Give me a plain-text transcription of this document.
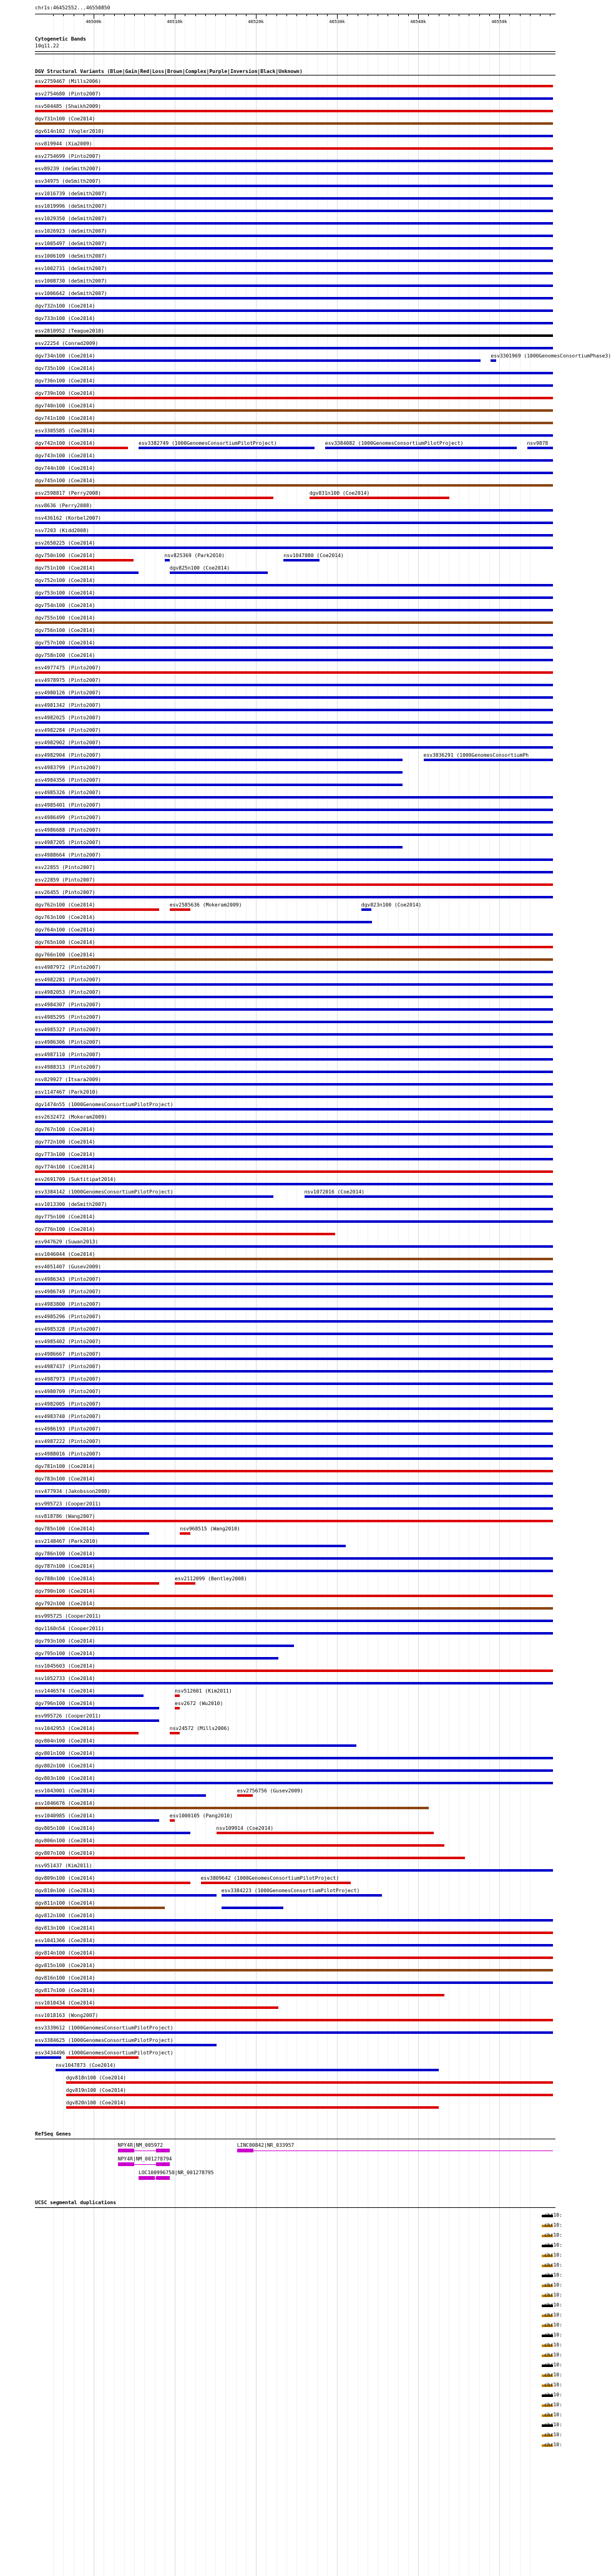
chr1s:46452552...46550850
46500k	46510k	46520k	46530k	46540k	46550k
Cytogenetic Bands
10q11.22
DGV Structural Variants (Blue|Gain|Red|Loss|Brown|Complex|Purple|Inversion|Black|Unknown)
esv2759467 (Mills2006)
esv2754680 (Pinto2007)
nsv504485 (Shaikh2009)
dgv731n100 (Coe2014)
dgv614n102 (Vogler2010)
nsv819944 (Xia2009)
esv2754699 (Pinto2007)
esv89239 (deSmith2007)
esv34975 (deSmith2007)
esv1016739 (deSmith2007)
esv1019996 (deSmith2007)
esv1029350 (deSmith2007)
esv1026923 (deSmith2007)
esv1005497 (deSmith2007)
esv1006109 (deSmith2007)
esv1002731 (deSmith2007)
esv1008730 (deSmith2007)
esv1006642 (deSmith2007)
dgv732n100 (Coe2014)
dgv733n100 (Coe2014)
esv2810952 (Teague2010)
esv22254 (Conrad2009)
dgv734n100 (Coe2014)	esv3301969 (1000GenomesConsortiumPhase3)
dgv735n100 (Coe2014)
dgv736n100 (Coe2014)
dgv739n100 (Coe2014)
dgv740n100 (Coe2014)
dgv741n100 (Coe2014)
esv3305585 (Coe2014)
dgv742n100 (Coe2014)	esv3382749 (1000GenomesConsortiumPilotProject)	esv3384082 (1000GenomesConsortiumPilotProject)	nsv9878
dgv743n100 (Coe2014)
dgv744n100 (Coe2014)
dgv745n100 (Coe2014)
esv2598817 (Perry2008)	dgv831n100 (Coe2014)
nsv8636 (Perry2008)
nsv436162 (Korbel2007)
nsv7203 (Kidd2008)
esv2650225 (Coe2014)
dgv750n100 (Coe2014)	nsv825369 (Park2010)	nsv1047080 (Coe2014)
dgv751n100 (Coe2014)	dgv825n100 (Coe2014)
dgv752n100 (Coe2014)
dgv753n100 (Coe2014)
dgv754n100 (Coe2014)
dgv755n100 (Coe2014)
dgv756n100 (Coe2014)
dgv757n100 (Coe2014)
dgv758n100 (Coe2014)
esv4977475 (Pinto2007)
esv4978975 (Pinto2007)
esv4980126 (Pinto2007)
esv4981342 (Pinto2007)
esv4982025 (Pinto2007)
esv4982284 (Pinto2007)
esv4982902 (Pinto2007)
esv4982904 (Pinto2007)	esv3836291 (1000GenomesConsortiumPh
esv4983799 (Pinto2007)
esv4984356 (Pinto2007)
esv4985326 (Pinto2007)
esv4985401 (Pinto2007)
esv4986499 (Pinto2007)
esv4986688 (Pinto2007)
esv4987205 (Pinto2007)
esv4988664 (Pinto2007)
esv22855 (Pinto2007)
esv22859 (Pinto2007)
esv26455 (Pinto2007)
dgv762n100 (Coe2014)	esv2585636 (Mokeram2009)	dgv823n100 (Coe2014)
dgv763n100 (Coe2014)
dgv764n100 (Coe2014)
dgv765n100 (Coe2014)
dgv766n100 (Coe2014)
esv4987972 (Pinto2007)
esv4982281 (Pinto2007)
esv4982053 (Pinto2007)
esv4984307 (Pinto2007)
esv4985295 (Pinto2007)
esv4985327 (Pinto2007)
esv4986306 (Pinto2007)
esv4987110 (Pinto2007)
esv4988313 (Pinto2007)
nsv829927 (Itsara2009)
esv1147467 (Park2010)
dgv1474n55 (1000GenomesConsortiumPilotProject)
esv2632472 (Mokeram2009)
dgv767n100 (Coe2014)
dgv772n100 (Coe2014)
dgv773n100 (Coe2014)
dgv774n100 (Coe2014)
esv2691709 (Suktitipat2014)
esv3384142 (1000GenomesConsortiumPilotProject)	nsv1072016 (Coe2014)
esv1013300 (deSmith2007)
dgv775n100 (Coe2014)
dgv776n100 (Coe2014)
esv947629 (Suwan2013)
esv1046044 (Coe2014)
esv4051407 (Gusev2009)
esv4986343 (Pinto2007)
esv4986749 (Pinto2007)
esv4983800 (Pinto2007)
esv4985296 (Pinto2007)
esv4985328 (Pinto2007)
esv4985402 (Pinto2007)
esv4986667 (Pinto2007)
esv4987437 (Pinto2007)
esv4987973 (Pinto2007)
esv4980709 (Pinto2007)
esv4982005 (Pinto2007)
esv4983740 (Pinto2007)
esv4986193 (Pinto2007)
esv4987222 (Pinto2007)
esv4988016 (Pinto2007)
dgv781n100 (Coe2014)
dgv783n100 (Coe2014)
nsv477934 (Jakobsson2008)
esv995723 (Cooper2011)
nsv818786 (Wang2007)
dgv785n100 (Coe2014)	nsv968515 (Wang2010)
esv2148467 (Park2010)
dgv786n100 (Coe2014)
dgv787n100 (Coe2014)
dgv788n100 (Coe2014)	esv2112099 (Bentley2008)
dgv790n100 (Coe2014)
dgv792n100 (Coe2014)
esv995725 (Cooper2011)
dgv1160n54 (Cooper2011)
dgv793n100 (Coe2014)
dgv795n100 (Coe2014)
nsv1045603 (Coe2014)
nsv1052733 (Coe2014)
nsv1446574 (Coe2014)	nsv512601 (Kim2011)
dgv796n100 (Coe2014)	esv2672 (Wu2010)
esv995726 (Cooper2011)
nsv1042953 (Coe2014)	nsv24572 (Mills2006)
dgv804n100 (Coe2014)
dgv801n100 (Coe2014)
dgv802n100 (Coe2014)
dgv803n100 (Coe2014)
esv1043001 (Coe2014)	esv2756756 (Gusev2009)
esv1046676 (Coe2014)
esv1040985 (Coe2014)	esv1000105 (Pang2010)
dgv805n100 (Coe2014)	nsv109914 (Coe2014)
dgv806n100 (Coe2014)
dgv807n100 (Coe2014)
nsv951437 (Kim2011)
dgv809n100 (Coe2014)	esv3809642 (1000GenomesConsortiumPilotProject)
dgv810n100 (Coe2014)	esv3384223 (1000GenomesConsortiumPilotProject)
dgv811n100 (Coe2014)
dgv812n100 (Coe2014)
dgv813n100 (Coe2014)
esv1041366 (Coe2014)
dgv814n100 (Coe2014)
dgv815n100 (Coe2014)
dgv816n100 (Coe2014)
dgv817n100 (Coe2014)
nsv1010434 (Coe2014)
nsv1018163 (Wong2007)
esv3339612 (1000GenomesConsortiumPilotProject)
esv3384625 (1000GenomesConsortiumPilotProject)
esv3434496 (1000GenomesConsortiumPilotProject)
nsv1047873 (Coe2014)
dgv818n100 (Coe2014)
dgv819n100 (Coe2014)
dgv820n100 (Coe2014)
RefSeq Genes
NPY4R|NM_005972	LINC00842|NR_033957
NPY4R|NM_001278794
LOC100996750|NR_001278795
UCSC segmental duplications
chr10:
chr10:
chr10:
chr10:
chr10:
chr10:
chr10:
chr10:
chr10:
chr10:
chr10:
chr10:
chr10:
chr10:
chr10:
chr10:
chr10:
chr10:
chr10:
chr10:
chr10:
chr10:
chr10:
chr10:
